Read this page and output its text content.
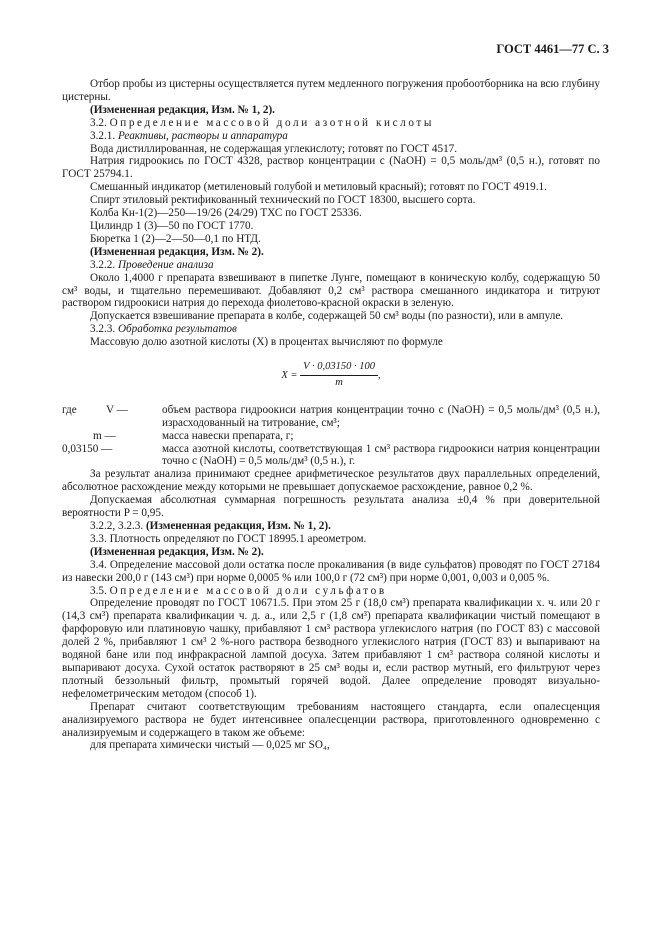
ГОСТ 4461—77 С. 3

Отбор пробы из цистерны осуществляется путем медленного погружения пробоотборника на всю глубину цистерны.

(Измененная редакция, Изм. № 1, 2).

3.2. Определение массовой доли азотной кислоты

3.2.1. Реактивы, растворы и аппаратура

Вода дистиллированная, не содержащая углекислоту; готовят по ГОСТ 4517.

Натрия гидроокись по ГОСТ 4328, раствор концентрации с (NaOH) = 0,5 моль/дм³ (0,5 н.), готовят по ГОСТ 25794.1.

Смешанный индикатор (метиленовый голубой и метиловый красный); готовят по ГОСТ 4919.1.

Спирт этиловый ректификованный технический по ГОСТ 18300, высшего сорта.

Колба Кн-1(2)—250—19/26 (24/29) ТХС по ГОСТ 25336.

Цилиндр 1 (3)—50 по ГОСТ 1770.

Бюретка 1 (2)—2—50—0,1 по НТД.

(Измененная редакция, Изм. № 2).

3.2.2. Проведение анализа

Около 1,4000 г препарата взвешивают в пипетке Лунге, помещают в коническую колбу, содержащую 50 см³ воды, и тщательно перемешивают. Добавляют 0,2 см³ раствора смешанного индикатора и титруют раствором гидроокиси натрия до перехода фиолетово-красной окраски в зеленую.

Допускается взвешивание препарата в колбе, содержащей 50 см³ воды (по разности), или в ампуле.

3.2.3. Обработка результатов

Массовую долю азотной кислоты (X) в процентах вычисляют по формуле

$X = \frac{V \cdot 0,03150 \cdot 100}{m}$ ,
где	V —	объем раствора гидроокиси натрия концентрации точно с (NaOH) = 0,5 моль/дм³ (0,5 н.), израсходованный на титрование, см³;
m —	масса навески препарата, г;
0,03150 —	масса азотной кислоты, соответствующая 1 см³ раствора гидроокиси натрия концентрации точно с (NaOH) = 0,5 моль/дм³ (0,5 н.), г.

За результат анализа принимают среднее арифметическое результатов двух параллельных определений, абсолютное расхождение между которыми не превышает допускаемое расхождение, равное 0,2 %.

Допускаемая абсолютная суммарная погрешность результата анализа ±0,4 % при доверительной вероятности P = 0,95.

3.2.2, 3.2.3. (Измененная редакция, Изм. № 1, 2).

3.3. Плотность определяют по ГОСТ 18995.1 ареометром.

(Измененная редакция, Изм. № 2).

3.4. Определение массовой доли остатка после прокаливания (в виде сульфатов) проводят по ГОСТ 27184 из навески 200,0 г (143 см³) при норме 0,0005 % или 100,0 г (72 см³) при норме 0,001, 0,003 и 0,005 %.

3.5. Определение массовой доли сульфатов

Определение проводят по ГОСТ 10671.5. При этом 25 г (18,0 см³) препарата квалификации х. ч. или 20 г (14,3 см³) препарата квалификации ч. д. а., или 2,5 г (1,8 см³) препарата квалификации чистый помещают в фарфоровую или платиновую чашку, прибавляют 1 см³ раствора углекислого натрия (по ГОСТ 83) с массовой долей 2 %, прибавляют 1 см³ 2 %-ного раствора безводного углекислого натрия (ГОСТ 83) и выпаривают на водяной бане или под инфракрасной лампой досуха. Затем прибавляют 1 см³ раствора соляной кислоты и выпаривают досуха. Сухой остаток растворяют в 25 см³ воды и, если раствор мутный, его фильтруют через плотный беззольный фильтр, промытый горячей водой. Далее определение проводят визуально-нефелометрическим методом (способ 1).

Препарат считают соответствующим требованиям настоящего стандарта, если опалесценция анализируемого раствора не будет интенсивнее опалесценции раствора, приготовленного одновременно с анализируемым и содержащего в таком же объеме:

для препарата химически чистый — 0,025 мг SO₄,
